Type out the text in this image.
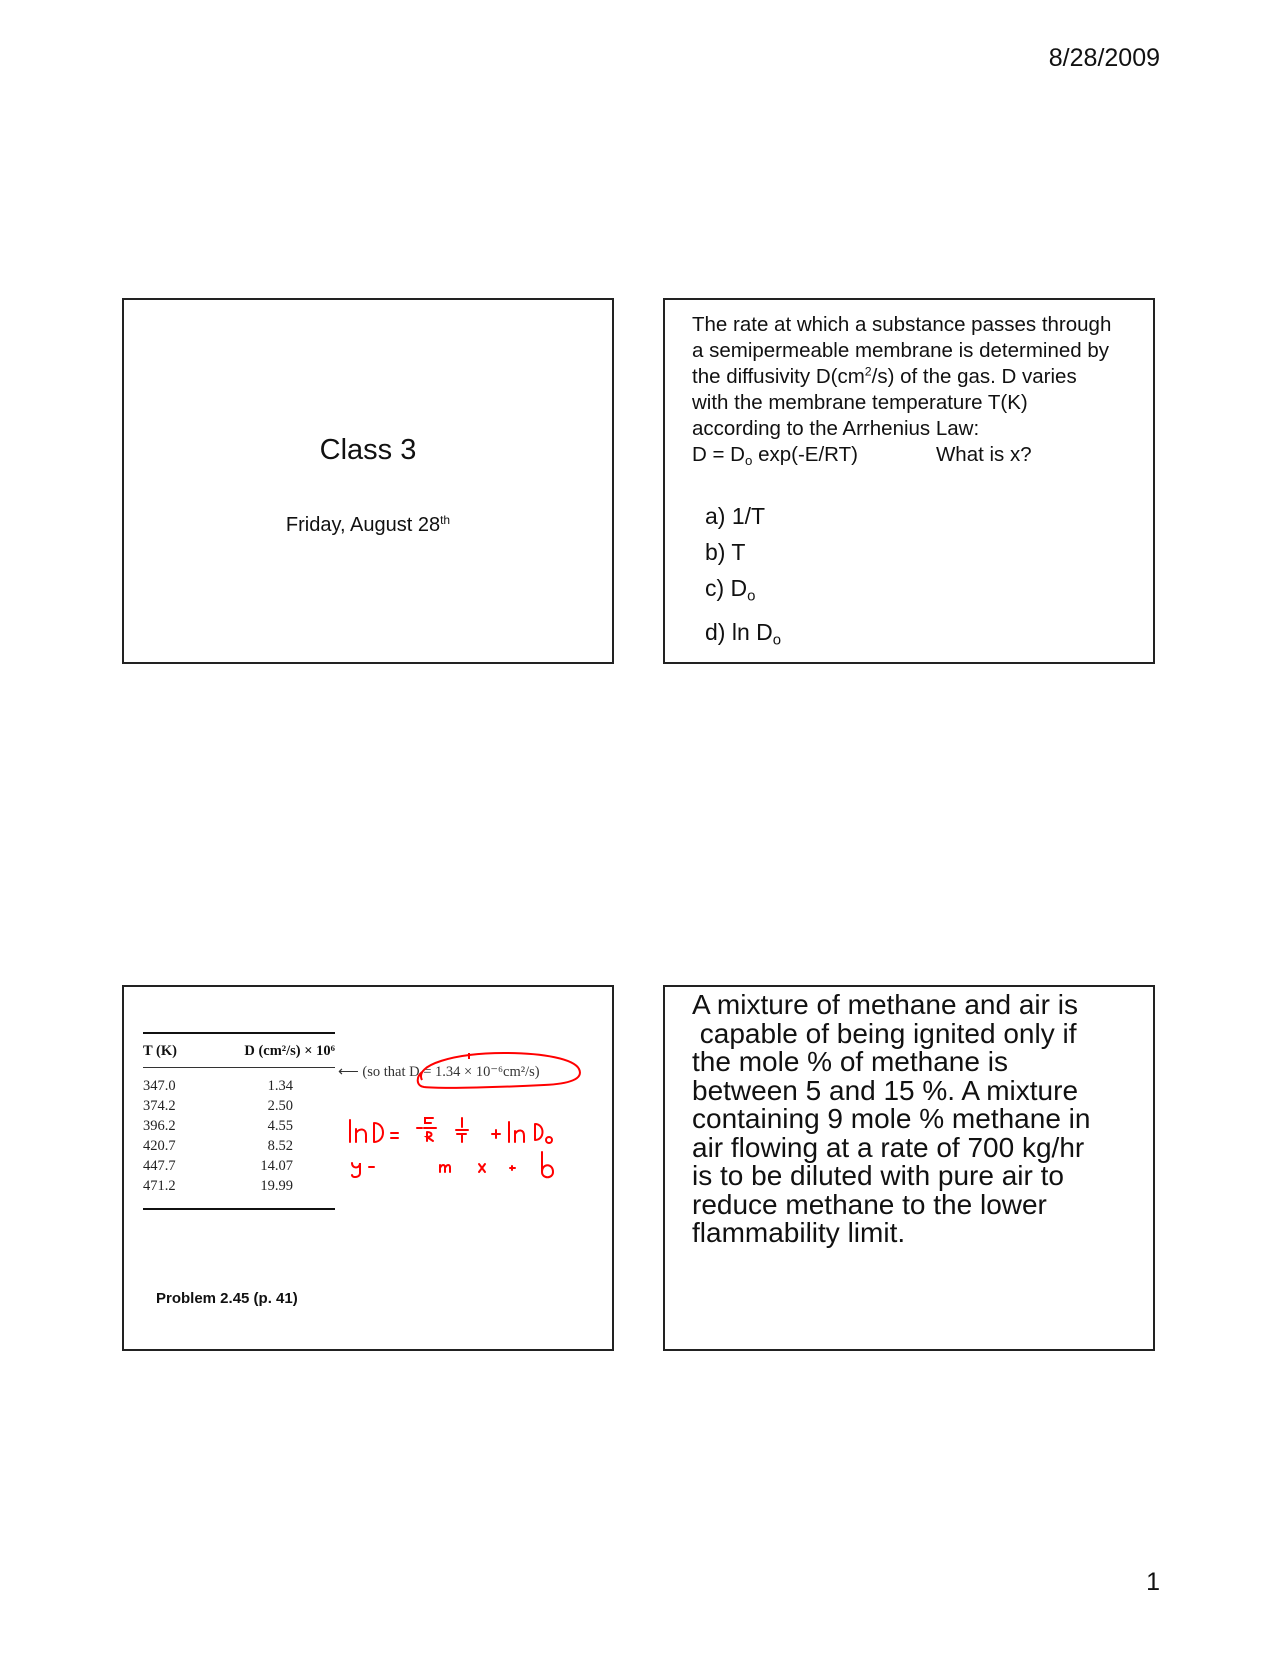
8/28/2009
Class 3
Friday, August 28th
The rate at which a substance passes through
a semipermeable membrane is determined by
the diffusivity $D(cm^2/s)$ of the gas. D varies
with the membrane temperature T(K)
according to the Arrhenius Law:
$D = D_o$ exp(-E/RT)	What is x?
a) 1/T
b) T
c) $D_o$
d) $\ln D_o$
T (K)	D (cm²/s) × 10⁶
347.0	1.34
374.2	2.50
396.2	4.55
420.7	8.52
447.7	14.07
471.2	19.99
⟵ (so that D = 1.34 × 10⁻⁶cm²/s)
Problem 2.45 (p. 41)
A mixture of methane and air is
capable of being ignited only if
the mole % of methane is
between 5 and 15 %. A mixture
containing 9 mole % methane in
air flowing at a rate of 700 kg/hr
is to be diluted with pure air to
reduce methane to the lower
flammability limit.
1
